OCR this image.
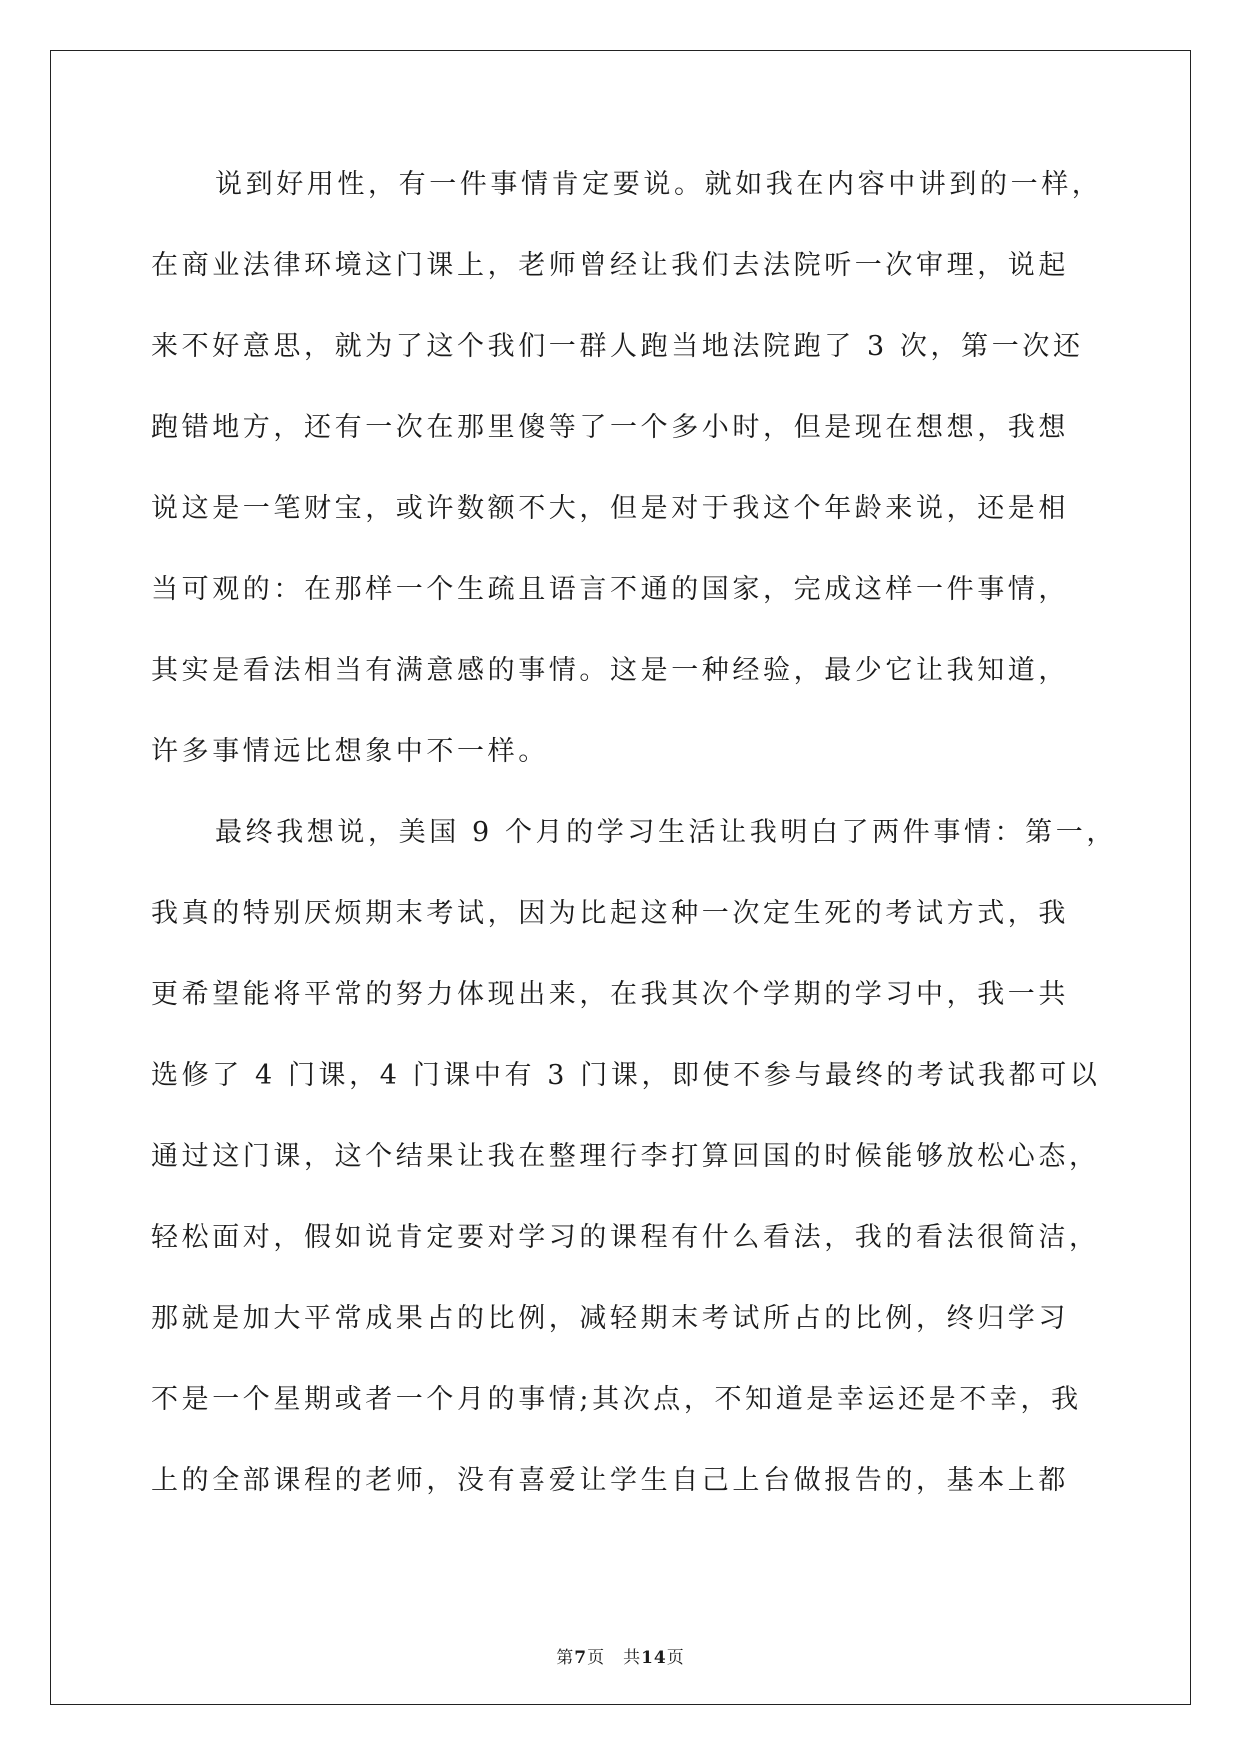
说到好用性，有一件事情肯定要说。就如我在内容中讲到的一样，
在商业法律环境这门课上，老师曾经让我们去法院听一次审理，说起
来不好意思，就为了这个我们一群人跑当地法院跑了 3 次，第一次还
跑错地方，还有一次在那里傻等了一个多小时，但是现在想想，我想
说这是一笔财宝，或许数额不大，但是对于我这个年龄来说，还是相
当可观的：在那样一个生疏且语言不通的国家，完成这样一件事情，
其实是看法相当有满意感的事情。这是一种经验，最少它让我知道，
许多事情远比想象中不一样。
最终我想说，美国 9 个月的学习生活让我明白了两件事情：第一，
我真的特别厌烦期末考试，因为比起这种一次定生死的考试方式，我
更希望能将平常的努力体现出来，在我其次个学期的学习中，我一共
选修了 4 门课，4 门课中有 3 门课，即使不参与最终的考试我都可以
通过这门课，这个结果让我在整理行李打算回国的时候能够放松心态，
轻松面对，假如说肯定要对学习的课程有什么看法，我的看法很简洁，
那就是加大平常成果占的比例，减轻期末考试所占的比例，终归学习
不是一个星期或者一个月的事情;其次点，不知道是幸运还是不幸，我
上的全部课程的老师，没有喜爱让学生自己上台做报告的，基本上都
第7页 共14页
